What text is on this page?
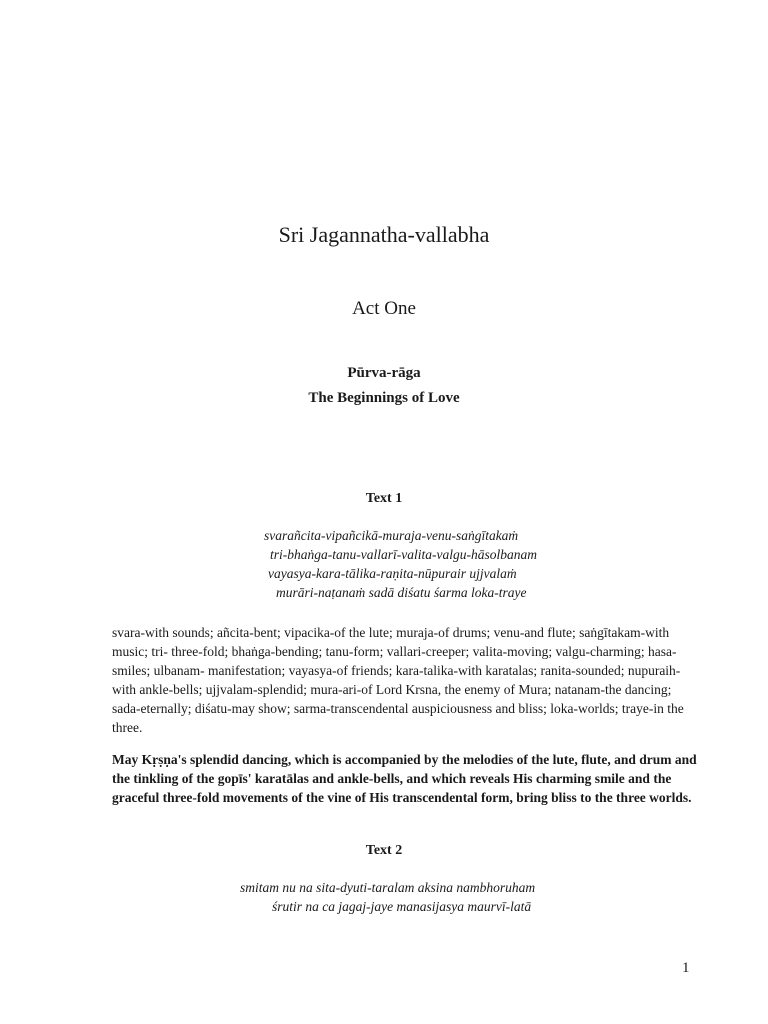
Sri Jagannatha-vallabha
Act One
Pūrva-rāga
The Beginnings of Love
Text 1
svarañcita-vipañcikā-muraja-venu-saṅgītakaṁ
tri-bhaṅga-tanu-vallarī-valita-valgu-hāsolbanam
vayasya-kara-tālika-raṇita-nūpurair ujjvalaṁ
murāri-naṭanaṁ sadā diśatu śarma loka-traye
svara-with sounds; añcita-bent; vipacika-of the lute; muraja-of drums; venu-and flute; saṅgītakam-with music; tri- three-fold; bhaṅga-bending; tanu-form; vallari-creeper; valita-moving; valgu-charming; hasa-smiles; ulbanam- manifestation; vayasya-of friends; kara-talika-with karatalas; ranita-sounded; nupuraih-with ankle-bells; ujjvalam-splendid; mura-ari-of Lord Krsna, the enemy of Mura; natanam-the dancing; sada-eternally; diśatu-may show; sarma-transcendental auspiciousness and bliss; loka-worlds; traye-in the three.
May Kṛṣṇa's splendid dancing, which is accompanied by the melodies of the lute, flute, and drum and the tinkling of the gopīs' karatālas and ankle-bells, and which reveals His charming smile and the graceful three-fold movements of the vine of His transcendental form, bring bliss to the three worlds.
Text 2
smitam nu na sita-dyuti-taralam aksina nambhoruham
śrutir na ca jagaj-jaye manasijasya maurvī-latā
1
